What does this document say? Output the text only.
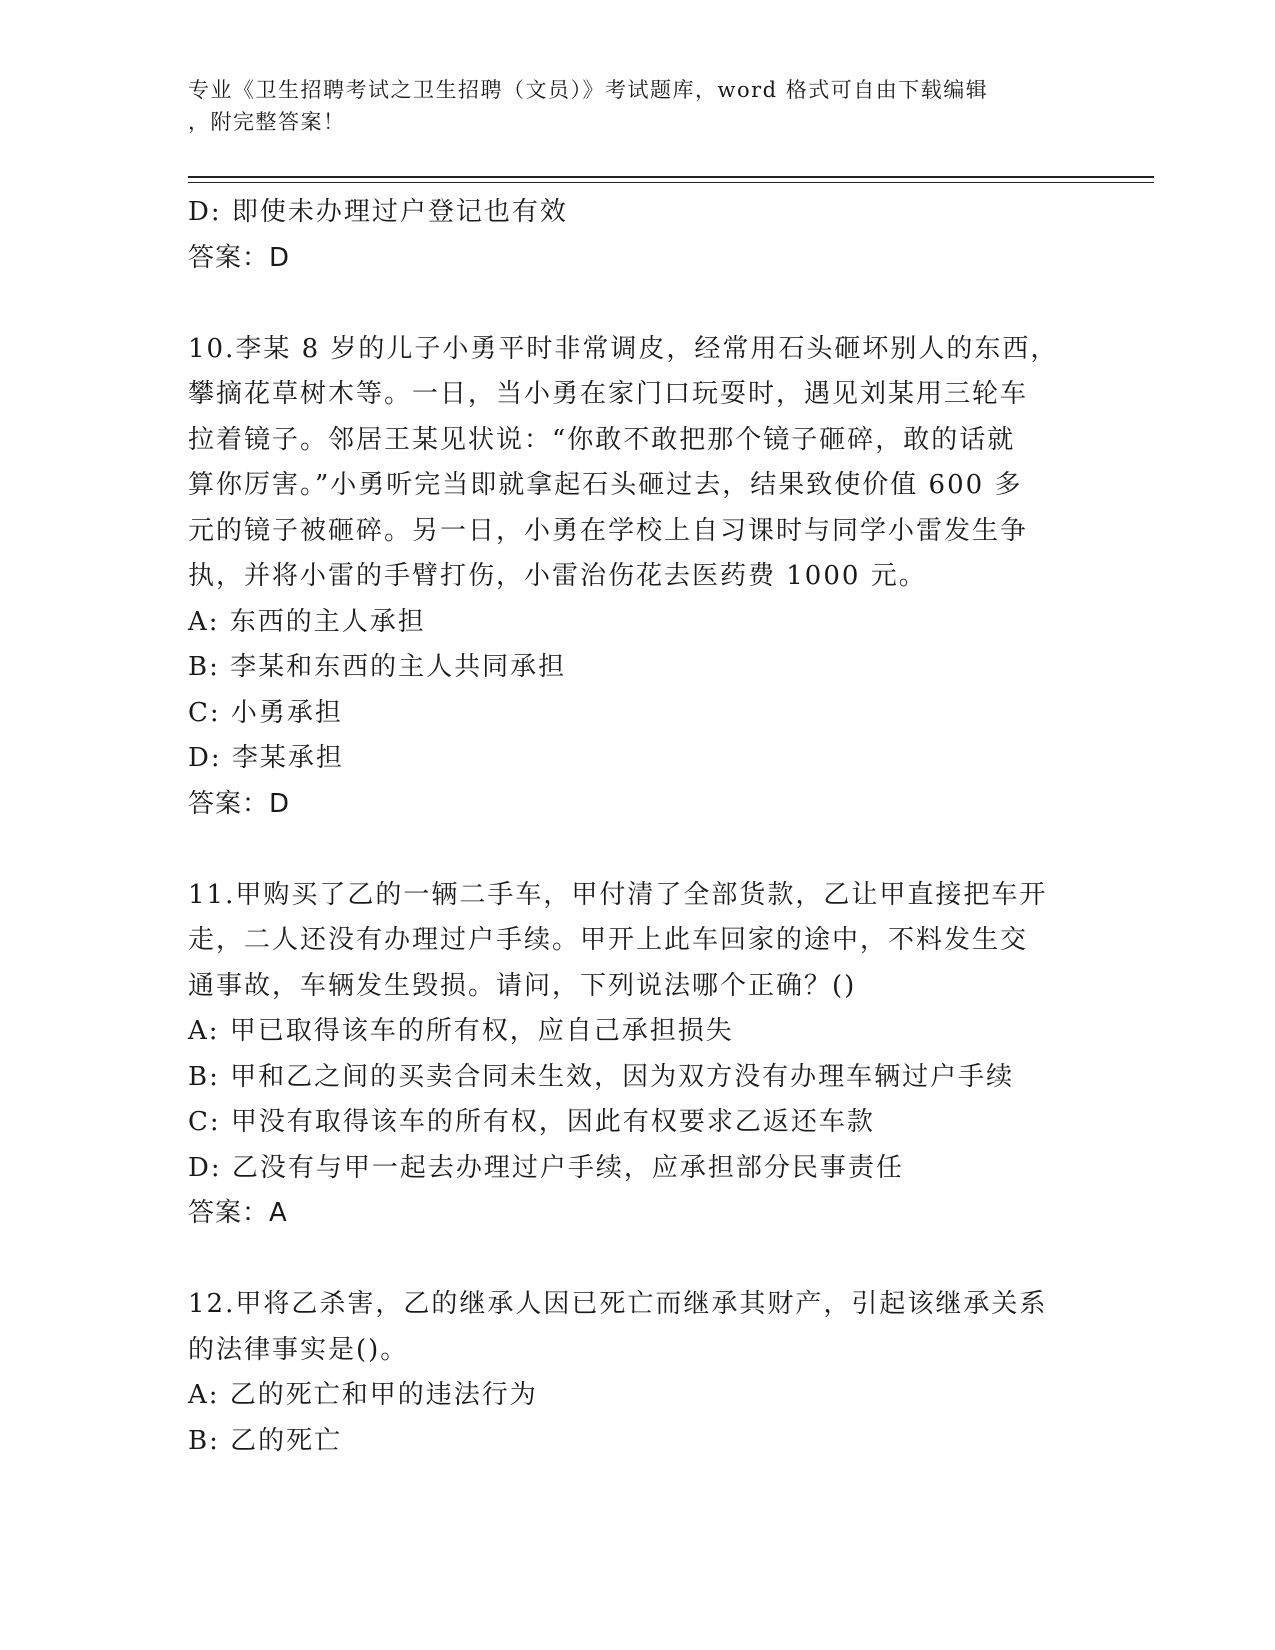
专业《卫生招聘考试之卫生招聘（文员）》考试题库，word 格式可自由下载编辑
，附完整答案！
D: 即使未办理过户登记也有效
答案：D
10.李某 8 岁的儿子小勇平时非常调皮，经常用石头砸坏别人的东西，
攀摘花草树木等。一日，当小勇在家门口玩耍时，遇见刘某用三轮车
拉着镜子。邻居王某见状说：“你敢不敢把那个镜子砸碎，敢的话就
算你厉害。”小勇听完当即就拿起石头砸过去，结果致使价值 600 多
元的镜子被砸碎。另一日，小勇在学校上自习课时与同学小雷发生争
执，并将小雷的手臂打伤，小雷治伤花去医药费 1000 元。
A: 东西的主人承担
B: 李某和东西的主人共同承担
C: 小勇承担
D: 李某承担
答案：D
11.甲购买了乙的一辆二手车，甲付清了全部货款，乙让甲直接把车开
走，二人还没有办理过户手续。甲开上此车回家的途中，不料发生交
通事故，车辆发生毁损。请问，下列说法哪个正确？()
A: 甲已取得该车的所有权，应自己承担损失
B: 甲和乙之间的买卖合同未生效，因为双方没有办理车辆过户手续
C: 甲没有取得该车的所有权，因此有权要求乙返还车款
D: 乙没有与甲一起去办理过户手续，应承担部分民事责任
答案：A
12.甲将乙杀害，乙的继承人因已死亡而继承其财产，引起该继承关系
的法律事实是()。
A: 乙的死亡和甲的违法行为
B: 乙的死亡
